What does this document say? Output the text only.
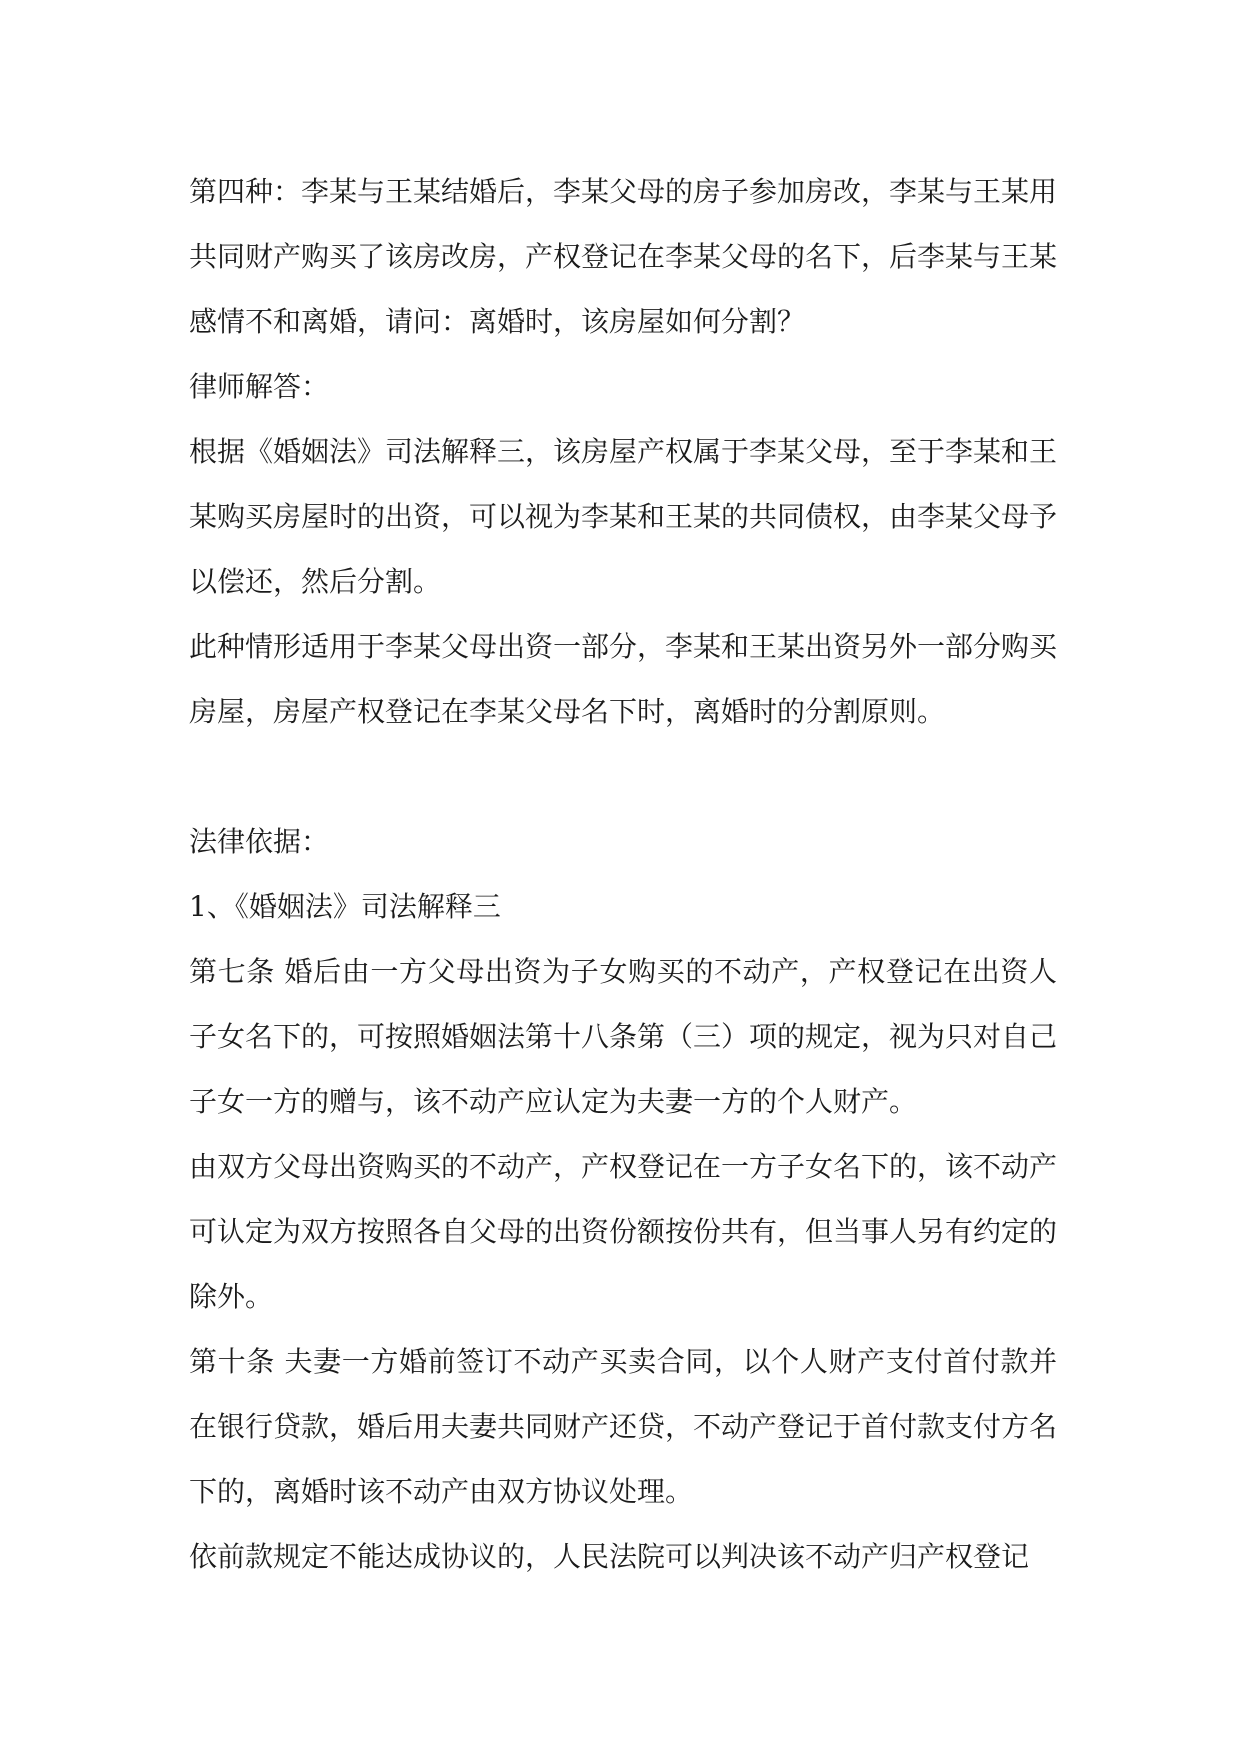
第四种：李某与王某结婚后，李某父母的房子参加房改，李某与王某用共同财产购买了该房改房，产权登记在李某父母的名下，后李某与王某感情不和离婚，请问：离婚时，该房屋如何分割？

律师解答：

根据《婚姻法》司法解释三，该房屋产权属于李某父母，至于李某和王某购买房屋时的出资，可以视为李某和王某的共同债权，由李某父母予以偿还，然后分割。

此种情形适用于李某父母出资一部分，李某和王某出资另外一部分购买房屋，房屋产权登记在李某父母名下时，离婚时的分割原则。

法律依据：

1、《婚姻法》司法解释三

第七条 婚后由一方父母出资为子女购买的不动产，产权登记在出资人子女名下的，可按照婚姻法第十八条第（三）项的规定，视为只对自己子女一方的赠与，该不动产应认定为夫妻一方的个人财产。

由双方父母出资购买的不动产，产权登记在一方子女名下的，该不动产可认定为双方按照各自父母的出资份额按份共有，但当事人另有约定的除外。

第十条 夫妻一方婚前签订不动产买卖合同，以个人财产支付首付款并在银行贷款，婚后用夫妻共同财产还贷，不动产登记于首付款支付方名下的，离婚时该不动产由双方协议处理。

依前款规定不能达成协议的，人民法院可以判决该不动产归产权登记
